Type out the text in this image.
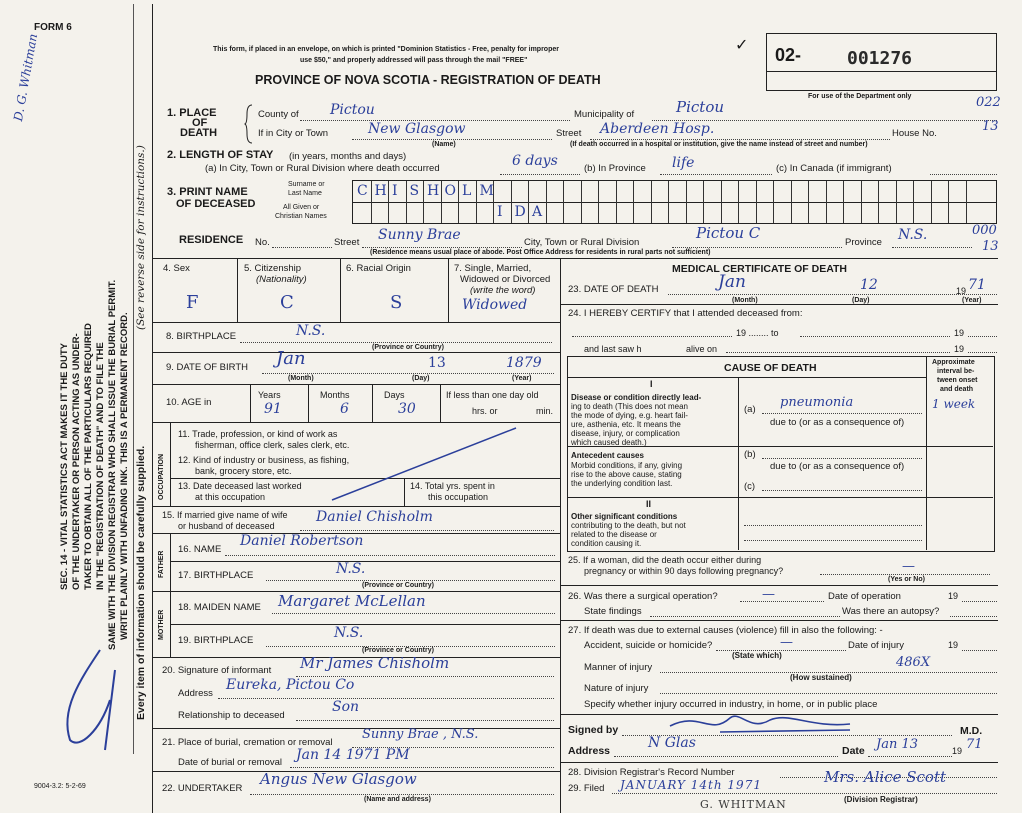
FORM 6
9004-3.2: 5-2-69
D. G. Whitman
SEC. 14 - VITAL STATISTICS ACT MAKES IT THE DUTY OF THE UNDERTAKER OR PERSON ACTING AS UNDER- TAKER TO OBTAIN ALL OF THE PARTICULARS REQUIRED IN THE "REGISTRATION OF DEATH" AND TO FILE THE SAME WITH THE DIVISION REGISTRAR WHO SHALL ISSUE THE BURIAL PERMIT. WRITE PLAINLY WITH UNFADING INK. THIS IS A PERMANENT RECORD. Every item of information should be carefully supplied.
(See reverse side for instructions.)
This form, if placed in an envelope, on which is printed "Dominion Statistics - Free, penalty for improper
use $50," and properly addressed will pass through the mail "FREE"
PROVINCE OF NOVA SCOTIA - REGISTRATION OF DEATH
✓ 02-	001276
For use of the Department only	022
1. PLACE
OF
DEATH
County of Pictou	Municipality of	Pictou
If in City or Town	New Glasgow
(Name)
Street Aberdeen Hosp.	House No.	13
(If death occurred in a hospital or institution, give the name instead of street and number)
2. LENGTH OF STAY (in years, months and days)
(a) In City, Town or Rural Division where death occurred	6 days	(b) In Province life	(c) In Canada (if immigrant)
3. PRINT NAME
OF DECEASED
Surname or
Last Name
All Given or
Christian Names
C H I S H O L M
I D A
RESIDENCE No.	Street Sunny Brae	City, Town or Rural Division
Pictou C
Province N.S.	000
13
(Residence means usual place of abode. Post Office Address for residents in rural parts not sufficient)
4. Sex
F
5. Citizenship
(Nationality)
C
6. Racial Origin
S
7. Single, Married,
Widowed or Divorced
(write the word)
Widowed
8. BIRTHPLACE	N.S.
(Province or Country)
9. DATE OF BIRTH Jan	13	1879
(Month)	(Day)	(Year)
10. AGE in
Years	Months	Days
91	6	30
If less than one day old
hrs. or	min.
OCCUPATION
11. Trade, profession, or kind of work as
fisherman, office clerk, sales clerk, etc.
12. Kind of industry or business, as fishing,
bank, grocery store, etc.
13. Date deceased last worked
at this occupation
14. Total yrs. spent in
this occupation
15. If married give name of wife
or husband of deceased
Daniel Chisholm
FATHER
16. NAME
Daniel Robertson
17. BIRTHPLACE	N.S.
(Province or Country)
MOTHER
18. MAIDEN NAME Margaret McLellan
19. BIRTHPLACE	N.S.
(Province or Country)
20. Signature of informant Mr James Chisholm
Address
Eureka, Pictou Co
Relationship to deceased
Son
21. Place of burial, cremation or removal
Sunny Brae , N.S.
Date of burial or removal Jan 14 1971 PM
22. UNDERTAKER
Angus New Glasgow
(Name and address)
MEDICAL CERTIFICATE OF DEATH
23. DATE OF DEATH	Jan	12	19 71
(Month)	(Day)	(Year)
24. I HEREBY CERTIFY that I attended deceased from:
19 ........ to	19
and last saw h	alive on	19
CAUSE OF DEATH	Approximate
interval be-
tween onset
and death
I
Disease or condition directly lead-
ing to death (This does not mean
the mode of dying, e.g. heart fail-
ure, asthenia, etc. It means the
disease, injury, or complication
which caused death.)
(a) pneumonia	1 week
due to (or as a consequence of)
Antecedent causes
Morbid conditions, if any, giving
rise to the above cause, stating
the underlying condition last.
(b)
due to (or as a consequence of)
(c)
II
Other significant conditions
contributing to the death, but not
related to the disease or
condition causing it.
25. If a woman, did the death occur either during
pregnancy or within 90 days following pregnancy?	—
(Yes or No)
26. Was there a surgical operation?	—	Date of operation	19
State findings	Was there an autopsy?
27. If death was due to external causes (violence) fill in also the following: -
Accident, suicide or homicide?	—	Date of injury	19
(State which)
Manner of injury	486X
(How sustained)
Nature of injury
Specify whether injury occurred in industry, in home, or in public place
Signed by	M.D.
Address	N Glas	Date Jan 13	19 71
28. Division Registrar's Record Number
29. Filed JANUARY 14th 1971	Mrs. Alice Scott
(Division Registrar)
G. WHITMAN
